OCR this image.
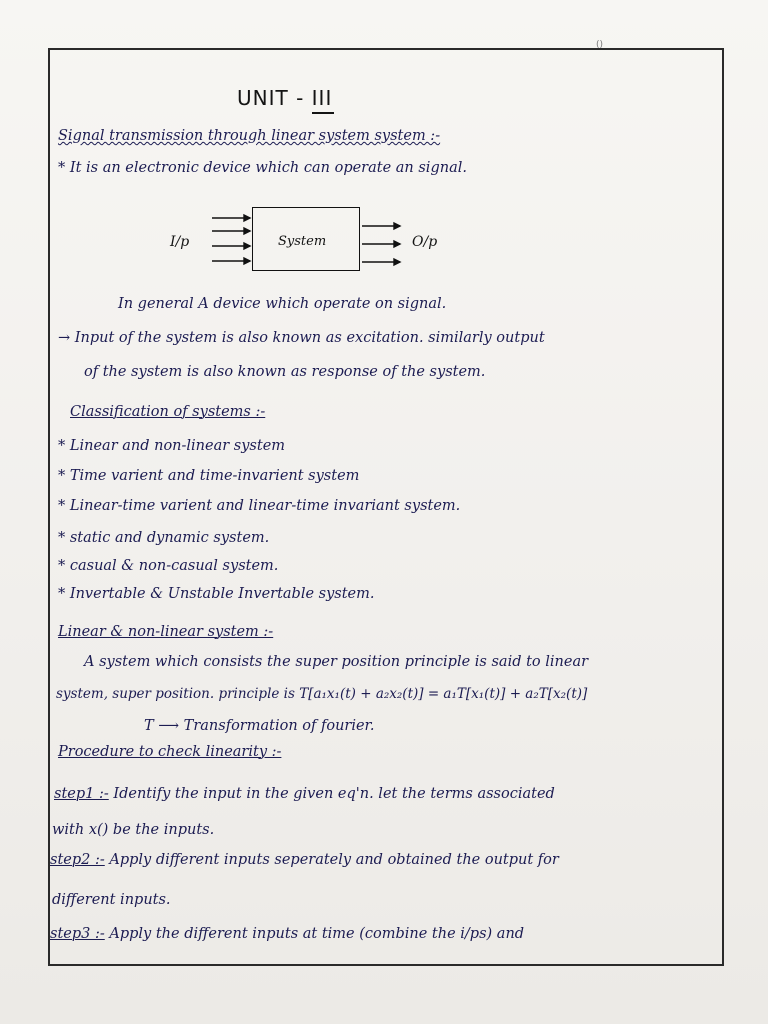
()
UNIT - III
Signal transmission through linear system system :-
* It is an electronic device which can operate an signal.
System
I/p	O/p
In general A device which operate on signal.
→ Input of the system is also known as excitation. similarly output
of the system is also known as response of the system.
Classification of systems :-
* Linear and non-linear system
* Time varient and time-invarient system
* Linear-time varient and linear-time invariant system.
* static and dynamic system.
* casual & non-casual system.
* Invertable & Unstable Invertable system.
Linear & non-linear system :-
A system which consists the super position principle is said to linear
system, super position. principle is T[a₁x₁(t) + a₂x₂(t)] = a₁T[x₁(t)] + a₂T[x₂(t)]
T ⟶ Transformation of fourier.
Procedure to check linearity :-
step1 :- Identify the input in the given eq'n. let the terms associated
with x() be the inputs.
step2 :- Apply different inputs seperately and obtained the output for
different inputs.
step3 :- Apply the different inputs at time (combine the i/ps) and
